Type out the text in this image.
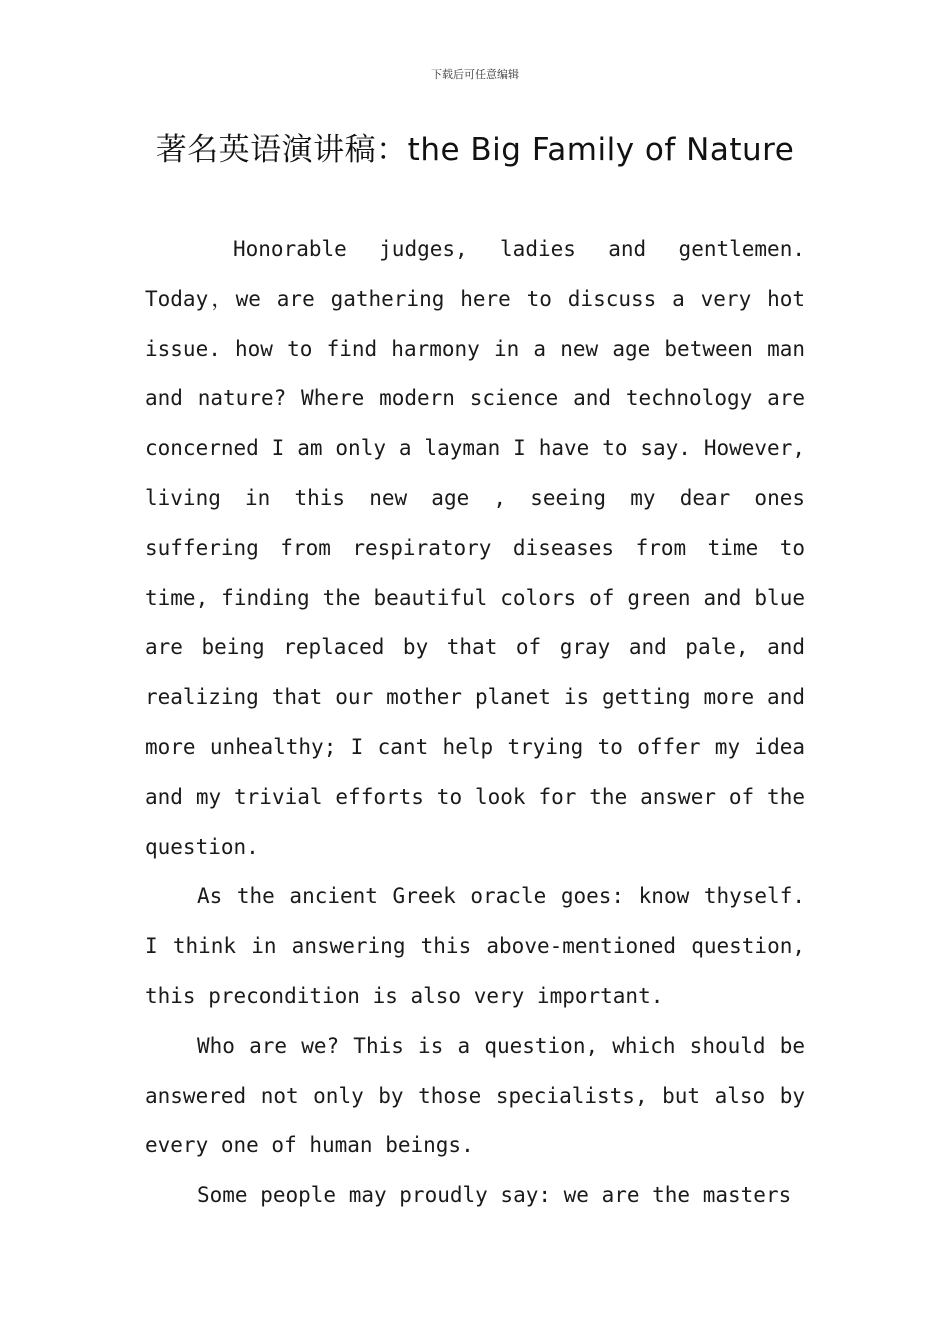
下载后可任意编辑
著名英语演讲稿：the Big Family of Nature

Honorable judges, ladies and gentlemen. Today，we are gathering here to discuss a very hot issue. how to find harmony in a new age between man and nature? Where modern science and technology are concerned I am only a layman I have to say. However, living in this new age , seeing my dear ones suffering from respiratory diseases from time to time, finding the beautiful colors of green and blue are being replaced by that of gray and pale, and realizing that our mother planet is getting more and more unhealthy; I cant help trying to offer my idea and my trivial efforts to look for the answer of the question.

As the ancient Greek oracle goes: know thyself. I think in answering this above-mentioned question, this precondition is also very important.

Who are we? This is a question, which should be answered not only by those specialists, but also by every one of human beings.

Some people may proudly say: we are the masters
